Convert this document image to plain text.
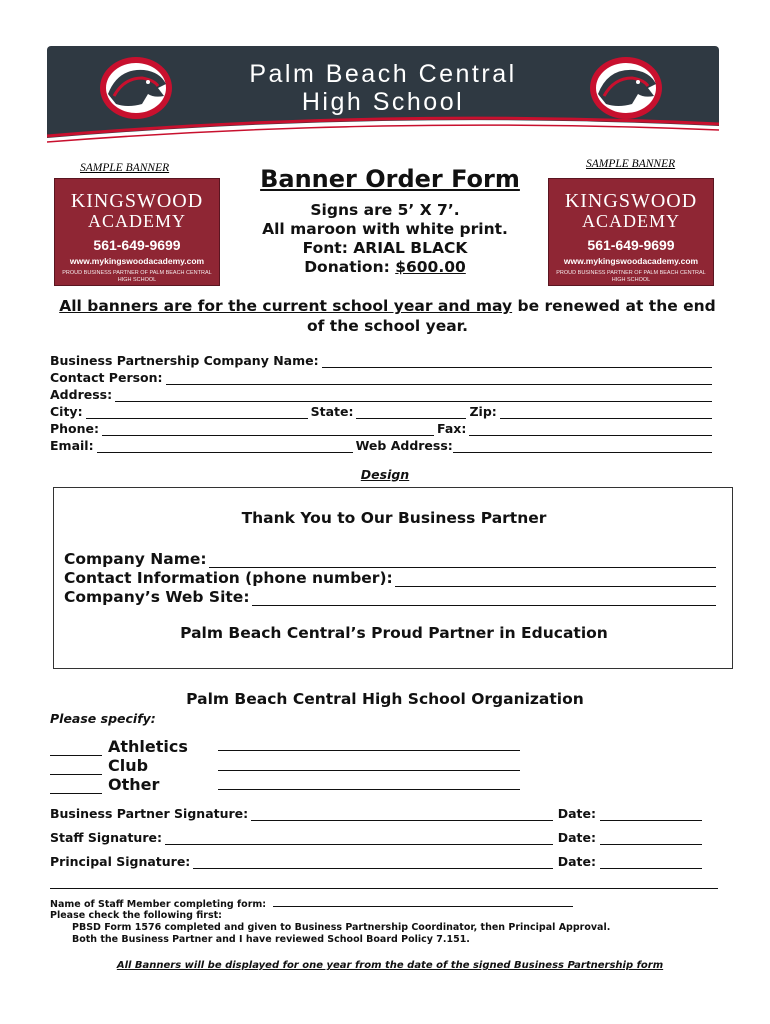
Palm Beach Central
High School
SAMPLE BANNER
KINGSWOOD
ACADEMY
561-649-9699
www.mykingswoodacademy.com
PROUD BUSINESS PARTNER OF PALM BEACH CENTRAL HIGH SCHOOL
SAMPLE BANNER
KINGSWOOD
ACADEMY
561-649-9699
www.mykingswoodacademy.com
PROUD BUSINESS PARTNER OF PALM BEACH CENTRAL HIGH SCHOOL
Banner Order Form
Signs are 5’ X 7’.
All maroon with white print.
Font: ARIAL BLACK
Donation: $600.00
All banners are for the current school year and may be renewed at the end of the school year.
Business Partnership Company Name:
Contact Person:
Address:
City:	State:	Zip:
Phone:	Fax:
Email:	Web Address:
Design
Thank You to Our Business Partner
Company Name:
Contact Information (phone number):
Company’s Web Site:
Palm Beach Central’s Proud Partner in Education
Palm Beach Central High School Organization
Please specify:
Athletics
Club
Other
Business Partner Signature:	Date:
Staff Signature:	Date:
Principal Signature:	Date:
Name of Staff Member completing form:
Please check the following first:
PBSD Form 1576 completed and given to Business Partnership Coordinator, then Principal Approval.
Both the Business Partner and I have reviewed School Board Policy 7.151.
All Banners will be displayed for one year from the date of the signed Business Partnership form
